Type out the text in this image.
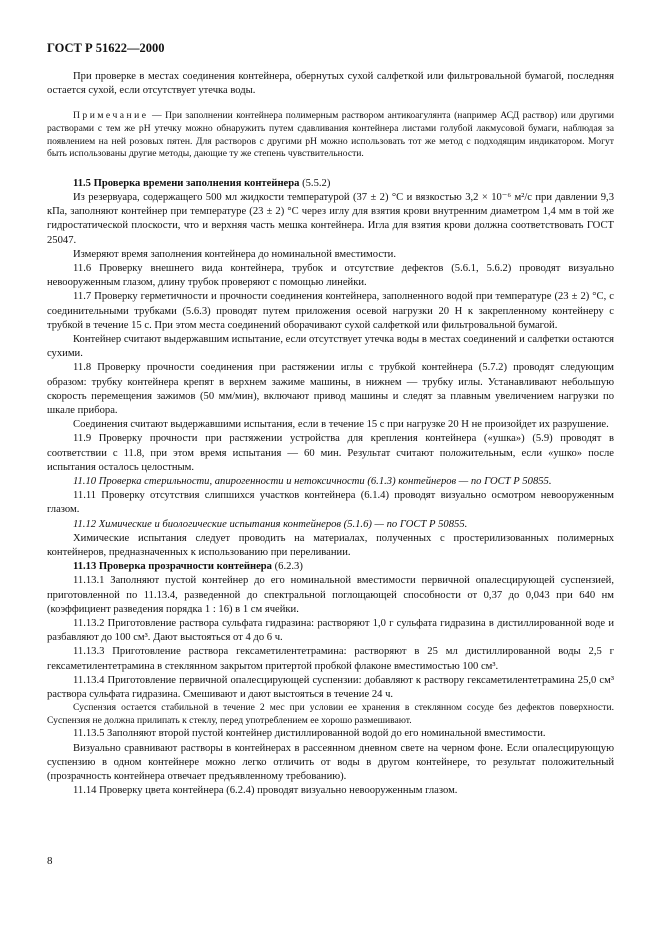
ГОСТ Р 51622—2000

При проверке в местах соединения контейнера, обернутых сухой салфеткой или фильтровальной бумагой, последняя остается сухой, если отсутствует утечка воды.

Примечание — При заполнении контейнера полимерным раствором антикоагулянта (например АСД раствор) или другими растворами с тем же pH утечку можно обнаружить путем сдавливания контейнера листами голубой лакмусовой бумаги, наблюдая за появлением на ней розовых пятен. Для растворов с другими pH можно использовать тот же метод с подходящим индикатором. Могут быть использованы другие методы, дающие ту же степень чувствительности.

11.5 Проверка времени заполнения контейнера (5.5.2)

Из резервуара, содержащего 500 мл жидкости температурой (37 ± 2) °С и вязкостью 3,2 × 10⁻⁶ м²/с при давлении 9,3 кПа, заполняют контейнер при температуре (23 ± 2) °С через иглу для взятия крови внутренним диаметром 1,4 мм в той же гидростатической плоскости, что и верхняя часть мешка контейнера. Игла для взятия крови должна соответствовать ГОСТ 25047.

Измеряют время заполнения контейнера до номинальной вместимости.

11.6 Проверку внешнего вида контейнера, трубок и отсутствие дефектов (5.6.1, 5.6.2) проводят визуально невооруженным глазом, длину трубок проверяют с помощью линейки.

11.7 Проверку герметичности и прочности соединения контейнера, заполненного водой при температуре (23 ± 2) °С, с соединительными трубками (5.6.3) проводят путем приложения осевой нагрузки 20 Н к закрепленному контейнеру с трубкой в течение 15 с. При этом места соединений оборачивают сухой салфеткой или фильтровальной бумагой.

Контейнер считают выдержавшим испытание, если отсутствует утечка воды в местах соединений и салфетки остаются сухими.

11.8 Проверку прочности соединения при растяжении иглы с трубкой контейнера (5.7.2) проводят следующим образом: трубку контейнера крепят в верхнем зажиме машины, в нижнем — трубку иглы. Устанавливают небольшую скорость перемещения зажимов (50 мм/мин), включают привод машины и следят за плавным увеличением нагрузки по шкале прибора.

Соединения считают выдержавшими испытания, если в течение 15 с при нагрузке 20 Н не произойдет их разрушение.

11.9 Проверку прочности при растяжении устройства для крепления контейнера («ушка») (5.9) проводят в соответствии с 11.8, при этом время испытания — 60 мин. Результат считают положительным, если «ушко» после испытания осталось целостным.

11.10 Проверка стерильности, апирогенности и нетоксичности (6.1.3) контейнеров — по ГОСТ Р 50855.

11.11 Проверку отсутствия слипшихся участков контейнера (6.1.4) проводят визуально осмотром невооруженным глазом.

11.12 Химические и биологические испытания контейнеров (5.1.6) — по ГОСТ Р 50855.

Химические испытания следует проводить на материалах, полученных с простерилизованных полимерных контейнеров, предназначенных к использованию при переливании.

11.13 Проверка прозрачности контейнера (6.2.3)

11.13.1 Заполняют пустой контейнер до его номинальной вместимости первичной опалесцирующей суспензией, приготовленной по 11.13.4, разведенной до спектральной поглощающей способности от 0,37 до 0,043 при 640 нм (коэффициент разведения порядка 1 : 16) в 1 см ячейки.

11.13.2 Приготовление раствора сульфата гидразина: растворяют 1,0 г сульфата гидразина в дистиллированной воде и разбавляют до 100 см³. Дают выстояться от 4 до 6 ч.

11.13.3 Приготовление раствора гексаметилентетрамина: растворяют в 25 мл дистиллированной воды 2,5 г гексаметилентетрамина в стеклянном закрытом притертой пробкой флаконе вместимостью 100 см³.

11.13.4 Приготовление первичной опалесцирующей суспензии: добавляют к раствору гексаметилентетрамина 25,0 см³ раствора сульфата гидразина. Смешивают и дают выстояться в течение 24 ч.

Суспензия остается стабильной в течение 2 мес при условии ее хранения в стеклянном сосуде без дефектов поверхности. Суспензия не должна прилипать к стеклу, перед употреблением ее хорошо размешивают.

11.13.5 Заполняют второй пустой контейнер дистиллированной водой до его номинальной вместимости.

Визуально сравнивают растворы в контейнерах в рассеянном дневном свете на черном фоне. Если опалесцирующую суспензию в одном контейнере можно легко отличить от воды в другом контейнере, то результат положительный (прозрачность контейнера отвечает предъявленному требованию).

11.14 Проверку цвета контейнера (6.2.4) проводят визуально невооруженным глазом.

8
